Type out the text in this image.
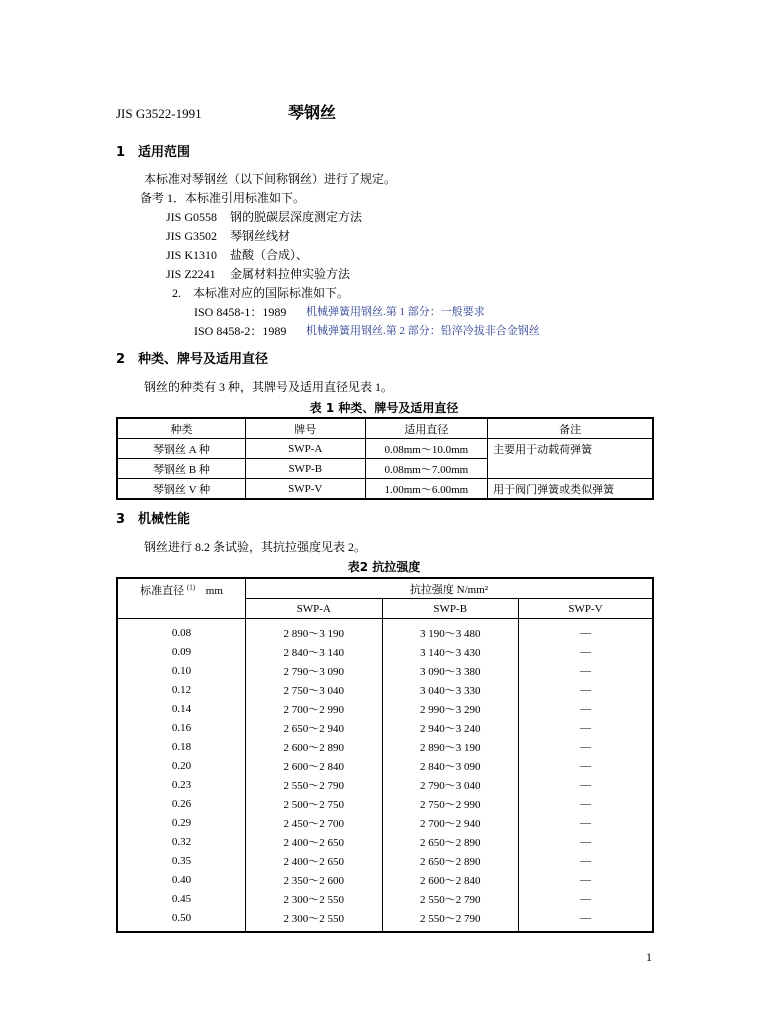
JIS G3522-1991	琴钢丝
1　适用范围
本标准对琴钢丝（以下间称钢丝）进行了规定。
备考 1．本标准引用标准如下。
JIS G0558 钢的脱碳层深度测定方法
JIS G3502 琴钢丝线材
JIS K1310 盐酸（合成）、
JIS Z2241 金属材料拉伸实验方法
2.　本标准对应的国际标准如下。
ISO 8458-1：1989 机械弹簧用钢丝.第 1 部分：一般要求
ISO 8458-2：1989 机械弹簧用钢丝.第 2 部分：铅淬冷拔非合金钢丝
2　种类、牌号及适用直径
钢丝的种类有 3 种，其牌号及适用直径见表 1。
表 1 种类、牌号及适用直径
种类	牌号	适用直径	备注
琴钢丝 A 种	SWP-A	0.08mm～10.0mm	主要用于动载荷弹簧
琴钢丝 B 种	SWP-B	0.08mm～7.00mm	
琴钢丝 V 种	SWP-V	1.00mm～6.00mm	用于阀门弹簧或类似弹簧
3　机械性能
钢丝进行 8.2 条试验，其抗拉强度见表 2。
表2 抗拉强度
标准直径 $^{(1)}$ mm	抗拉强度 N/mm²		
	SWP-A	SWP-B	SWP-V
0.08	2 890～3 190	3 190～3 480	—
0.09	2 840～3 140	3 140～3 430	—
0.10	2 790～3 090	3 090～3 380	—
0.12	2 750～3 040	3 040～3 330	—
0.14	2 700～2 990	2 990～3 290	—
0.16	2 650～2 940	2 940～3 240	—
0.18	2 600～2 890	2 890～3 190	—
0.20	2 600～2 840	2 840～3 090	—
0.23	2 550～2 790	2 790～3 040	—
0.26	2 500～2 750	2 750～2 990	—
0.29	2 450～2 700	2 700～2 940	—
0.32	2 400～2 650	2 650～2 890	—
0.35	2 400～2 650	2 650～2 890	—
0.40	2 350～2 600	2 600～2 840	—
0.45	2 300～2 550	2 550～2 790	—
0.50	2 300～2 550	2 550～2 790	—
1
